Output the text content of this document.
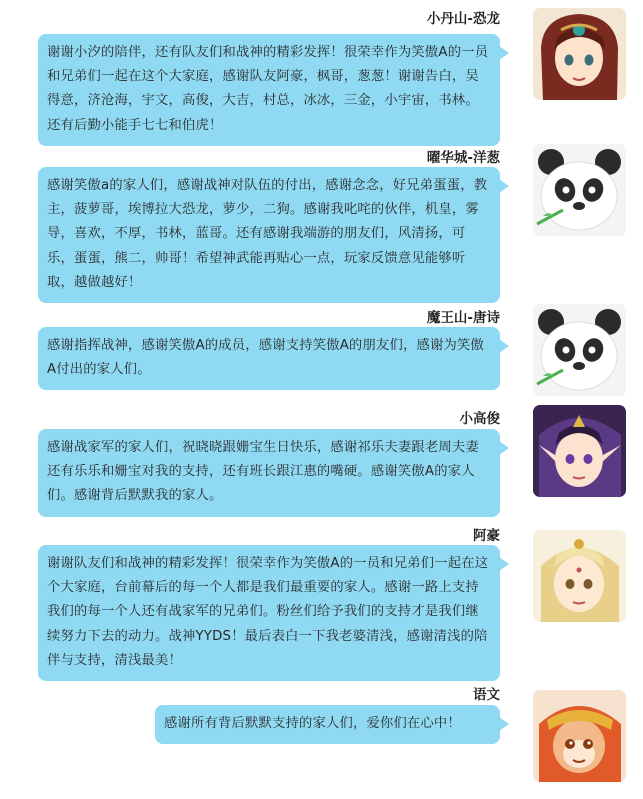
小丹山-恐龙
谢谢小汐的陪伴，还有队友们和战神的精彩发挥！很荣幸作为笑傲A的一员和兄弟们一起在这个大家庭，感谢队友阿豪，枫哥，葱葱！谢谢告白，吴得意，济沧海，宇文，高俊，大吉，村总，冰冰，三金，小宇宙，书林。还有后勤小能手七七和伯虎！
曜华城-洋葱
感谢笑傲a的家人们，感谢战神对队伍的付出，感谢念念，好兄弟蛋蛋，教主，菠萝哥，埃博拉大恐龙，萝少，二狗。感谢我叱咤的伙伴，机皇，雾导，喜欢，不厚，书林，蓝哥。还有感谢我端游的朋友们，风清扬，可乐，蛋蛋，熊二，帅哥！希望神武能再贴心一点，玩家反馈意见能够听取，越做越好！
魔王山-唐诗
感谢指挥战神，感谢笑傲A的成员，感谢支持笑傲A的朋友们，感谢为笑傲A付出的家人们。
小高俊
感谢战家军的家人们，祝晓晓跟姗宝生日快乐，感谢祁乐夫妻跟老周夫妻还有乐乐和姗宝对我的支持，还有班长跟江惠的嘴硬。感谢笑傲A的家人们。感谢背后默默我的家人。
阿豪
谢谢队友们和战神的精彩发挥！很荣幸作为笑傲A的一员和兄弟们一起在这个大家庭，台前幕后的每一个人都是我们最重要的家人。感谢一路上支持我们的每一个人还有战家军的兄弟们。粉丝们给予我们的支持才是我们继续努力下去的动力。战神YYDS！最后表白一下我老婆清浅，感谢清浅的陪伴与支持，清浅最美！
语文
感谢所有背后默默支持的家人们，爱你们在心中！
